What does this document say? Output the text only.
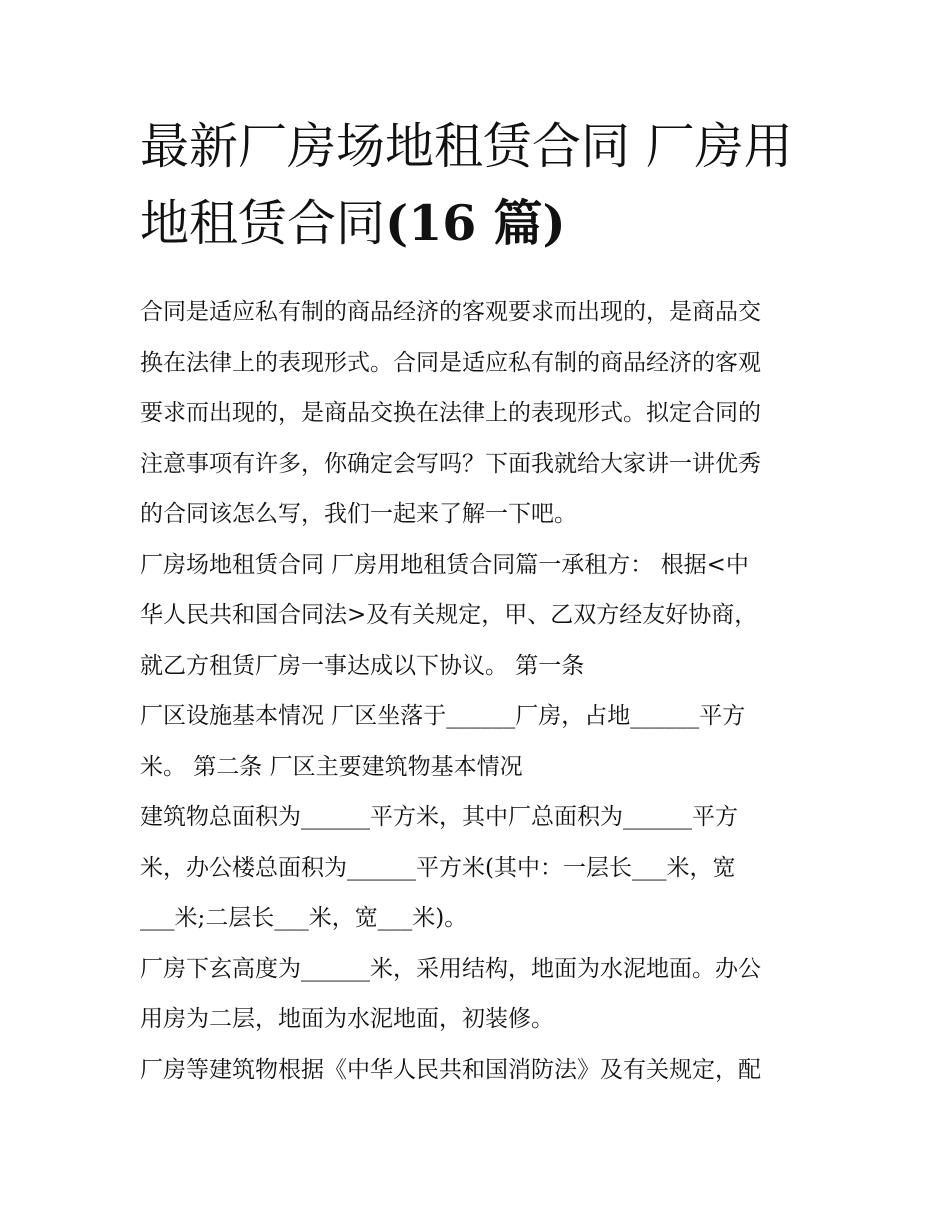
最新厂房场地租赁合同 厂房用
地租赁合同(16 篇)

合同是适应私有制的商品经济的客观要求而出现的，是商品交
换在法律上的表现形式。合同是适应私有制的商品经济的客观
要求而出现的，是商品交换在法律上的表现形式。拟定合同的
注意事项有许多，你确定会写吗？下面我就给大家讲一讲优秀
的合同该怎么写，我们一起来了解一下吧。

厂房场地租赁合同 厂房用地租赁合同篇一承租方： 根据<中
华人民共和国合同法>及有关规定，甲、乙双方经友好协商，
就乙方租赁厂房一事达成以下协议。 第一条

厂区设施基本情况 厂区坐落于______厂房，占地______平方
米。 第二条 厂区主要建筑物基本情况

建筑物总面积为______平方米，其中厂总面积为______平方
米，办公楼总面积为______平方米(其中：一层长___米，宽
___米;二层长___米，宽___米)。

厂房下玄高度为______米，采用结构，地面为水泥地面。办公
用房为二层，地面为水泥地面，初装修。

厂房等建筑物根据《中华人民共和国消防法》及有关规定，配
